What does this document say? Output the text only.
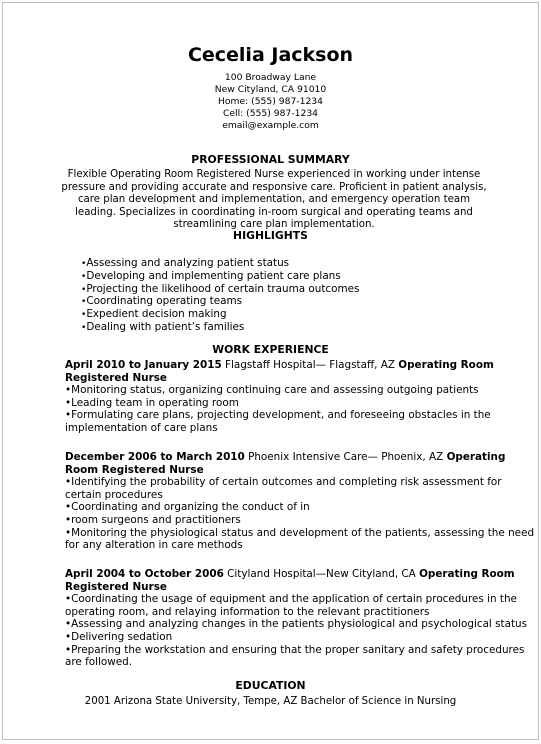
Cecelia Jackson
100 Broadway Lane
New Cityland, CA 91010
Home: (555) 987-1234
Cell: (555) 987-1234
email@example.com
PROFESSIONAL SUMMARY
Flexible Operating Room Registered Nurse experienced in working under intense pressure and providing accurate and responsive care. Proficient in patient analysis, care plan development and implementation, and emergency operation team leading. Specializes in coordinating in-room surgical and operating teams and streamlining care plan implementation.
HIGHLIGHTS
•Assessing and analyzing patient status
•Developing and implementing patient care plans
•Projecting the likelihood of certain trauma outcomes
•Coordinating operating teams
•Expedient decision making
•Dealing with patient’s families
WORK EXPERIENCE
April 2010 to January 2015 Flagstaff Hospital— Flagstaff, AZ Operating Room Registered Nurse
•Monitoring status, organizing continuing care and assessing outgoing patients
•Leading team in operating room
•Formulating care plans, projecting development, and foreseeing obstacles in the implementation of care plans
December 2006 to March 2010 Phoenix Intensive Care— Phoenix, AZ Operating Room Registered Nurse
•Identifying the probability of certain outcomes and completing risk assessment for certain procedures
•Coordinating and organizing the conduct of in
•room surgeons and practitioners
•Monitoring the physiological status and development of the patients, assessing the need for any alteration in care methods
April 2004 to October 2006 Cityland Hospital—New Cityland, CA Operating Room Registered Nurse
•Coordinating the usage of equipment and the application of certain procedures in the operating room, and relaying information to the relevant practitioners
•Assessing and analyzing changes in the patients physiological and psychological status
•Delivering sedation
•Preparing the workstation and ensuring that the proper sanitary and safety procedures are followed.
EDUCATION
2001 Arizona State University, Tempe, AZ Bachelor of Science in Nursing
